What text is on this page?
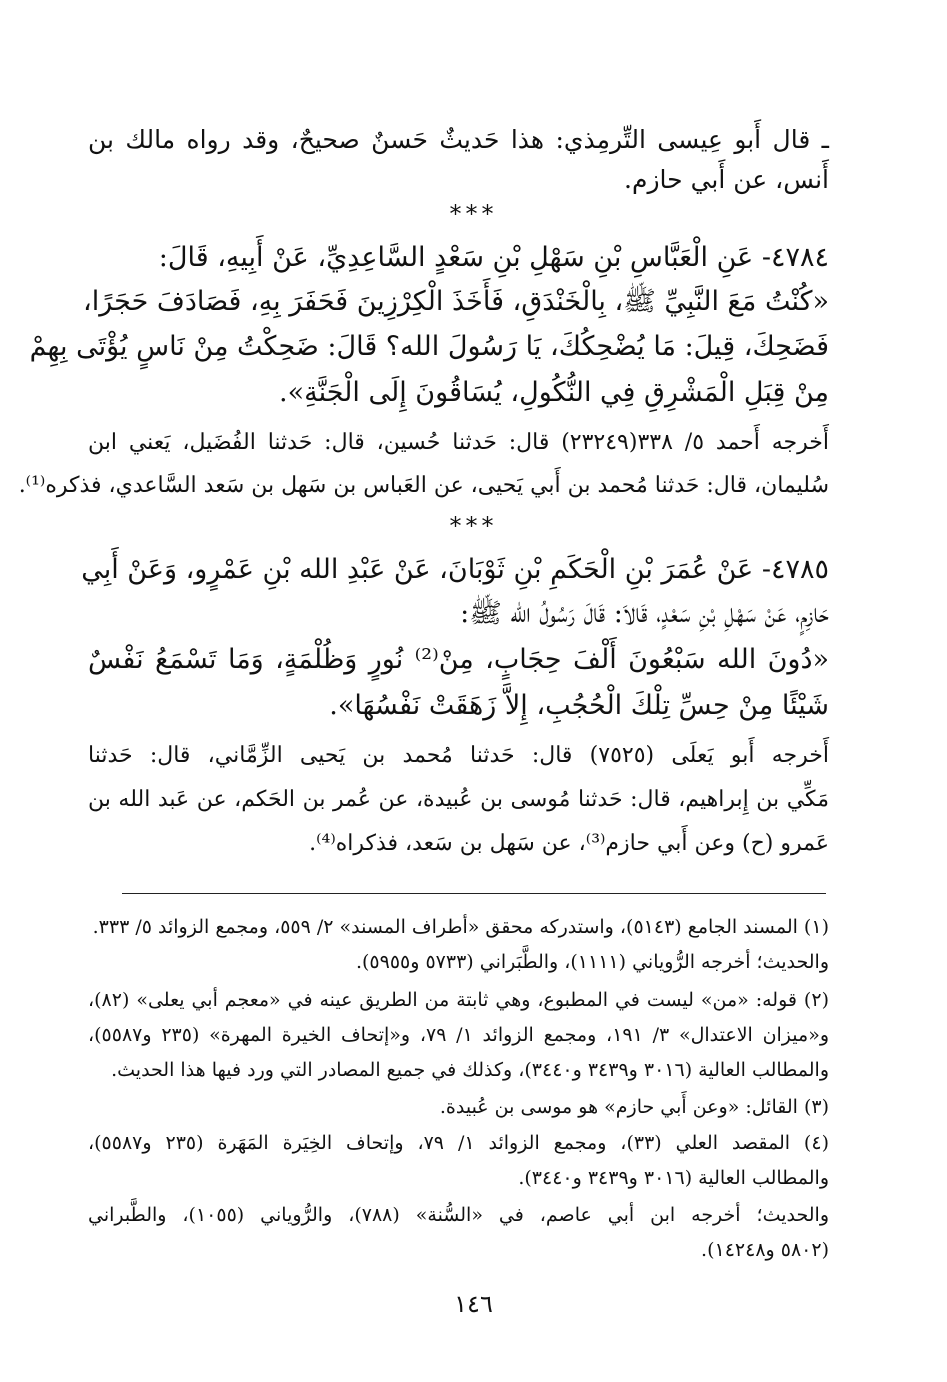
ـ قال أَبو عِيسى التِّرمِذي: هذا حَديثٌ حَسنٌ صحيحٌ، وقد رواه مالك بن
أَنس، عن أَبي حازم.
***
٤٧٨٤- عَنِ الْعَبَّاسِ بْنِ سَهْلِ بْنِ سَعْدٍ السَّاعِدِيِّ، عَنْ أَبِيهِ، قَالَ:
«كُنْتُ مَعَ النَّبِيِّ ﷺ، بِالْخَنْدَقِ، فَأَخَذَ الْكِرْزِينَ فَحَفَرَ بِهِ، فَصَادَفَ حَجَرًا،
فَضَحِكَ، قِيلَ: مَا يُضْحِكُكَ، يَا رَسُولَ الله؟ قَالَ: ضَحِكْتُ مِنْ نَاسٍ يُؤْتَى بِهِمْ
مِنْ قِبَلِ الْمَشْرِقِ فِي النُّكُولِ، يُسَاقُونَ إِلَى الْجَنَّةِ».
أَخرجه أَحمد ٥/ ٣٣٨(٢٣٢٤٩) قال: حَدثنا حُسين، قال: حَدثنا الفُضَيل، يَعني ابن
سُليمان، قال: حَدثنا مُحمد بن أَبي يَحيى، عن العَباس بن سَهل بن سَعد السَّاعدي، فذكره⁽¹⁾.
***
٤٧٨٥- عَنْ عُمَرَ بْنِ الْحَكَمِ بْنِ ثَوْبَانَ، عَنْ عَبْدِ الله بْنِ عَمْرٍو، وَعَنْ أَبِي
حَازِمٍ، عَنْ سَهْلِ بْنِ سَعْدٍ، قَالاَ: قَالَ رَسُولُ الله ﷺ:
«دُونَ الله سَبْعُونَ أَلْفَ حِجَابٍ، مِنْ⁽²⁾ نُورٍ وَظُلْمَةٍ، وَمَا تَسْمَعُ نَفْسٌ
شَيْئًا مِنْ حِسِّ تِلْكَ الْحُجُبِ، إِلاَّ زَهَقَتْ نَفْسُهَا».
أَخرجه أَبو يَعلَى (٧٥٢٥) قال: حَدثنا مُحمد بن يَحيى الزِّمَّاني، قال: حَدثنا
مَكِّي بن إِبراهيم، قال: حَدثنا مُوسى بن عُبيدة، عن عُمر بن الحَكم، عن عَبد الله بن
عَمرو (ح) وعن أَبي حازم⁽³⁾، عن سَهل بن سَعد، فذكراه⁽⁴⁾.
(١) المسند الجامع (٥١٤٣)، واستدركه محقق «أطراف المسند» ٢/ ٥٥٩، ومجمع الزوائد ٥/ ٣٣٣.
والحديث؛ أخرجه الرُّوياني (١١١١)، والطَّبَراني (٥٧٣٣ و٥٩٥٥).
(٢) قوله: «من» ليست في المطبوع، وهي ثابتة من الطريق عينه في «معجم أبي يعلى» (٨٢)،
و«ميزان الاعتدال» ٣/ ١٩١، ومجمع الزوائد ١/ ٧٩، و«إتحاف الخيرة المهرة» (٢٣٥ و٥٥٨٧)،
والمطالب العالية (٣٠١٦ و٣٤٣٩ و٣٤٤٠)، وكذلك في جميع المصادر التي ورد فيها هذا الحديث.
(٣) القائل: «وعن أَبي حازم» هو موسى بن عُبيدة.
(٤) المقصد العلي (٣٣)، ومجمع الزوائد ١/ ٧٩، وإتحاف الخِيَرة المَهَرة (٢٣٥ و٥٥٨٧)،
والمطالب العالية (٣٠١٦ و٣٤٣٩ و٣٤٤٠).
والحديث؛ أخرجه ابن أبي عاصم، في «السُّنة» (٧٨٨)، والرُّوياني (١٠٥٥)، والطَّبراني
(٥٨٠٢ و١٤٢٤٨).
١٤٦
